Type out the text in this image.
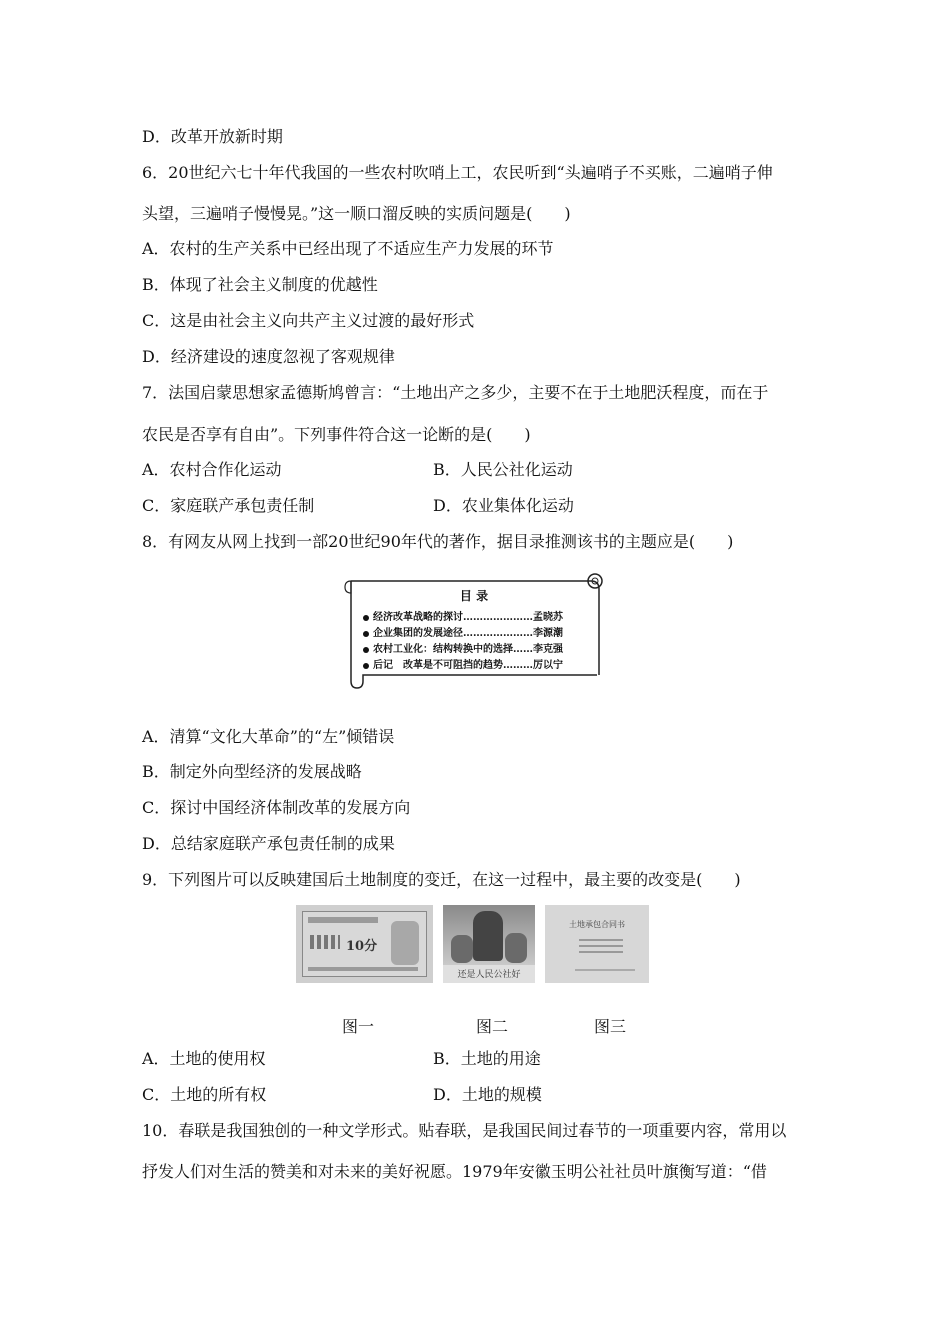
D．改革开放新时期
6．20世纪六七十年代我国的一些农村吹哨上工，农民听到“头遍哨子不买账，二遍哨子伸
头望，三遍哨子慢慢晃。”这一顺口溜反映的实质问题是(　　)
A．农村的生产关系中已经出现了不适应生产力发展的环节
B．体现了社会主义制度的优越性
C．这是由社会主义向共产主义过渡的最好形式
D．经济建设的速度忽视了客观规律
7．法国启蒙思想家孟德斯鸠曾言：“土地出产之多少，主要不在于土地肥沃程度，而在于
农民是否享有自由”。下列事件符合这一论断的是(　　)
A．农村合作化运动	B．人民公社化运动
C．家庭联产承包责任制	D．农业集体化运动
8．有网友从网上找到一部20世纪90年代的著作，据目录推测该书的主题应是(　　)
目 录
经济改革战略的探讨…………………孟晓苏
企业集团的发展途径…………………李源潮
农村工业化：结构转换中的选择……李克强
后记　改革是不可阻挡的趋势………厉以宁
A．清算“文化大革命”的“左”倾错误
B．制定外向型经济的发展战略
C．探讨中国经济体制改革的发展方向
D．总结家庭联产承包责任制的成果
9．下列图片可以反映建国后土地制度的变迁，在这一过程中，最主要的改变是(　　)
10分
还是人民公社好
土地承包合同书
图一	图二	图三
A．土地的使用权	B．土地的用途
C．土地的所有权	D．土地的规模
10．春联是我国独创的一种文学形式。贴春联，是我国民间过春节的一项重要内容，常用以
抒发人们对生活的赞美和对未来的美好祝愿。1979年安徽玉明公社社员叶旗衡写道：“借
